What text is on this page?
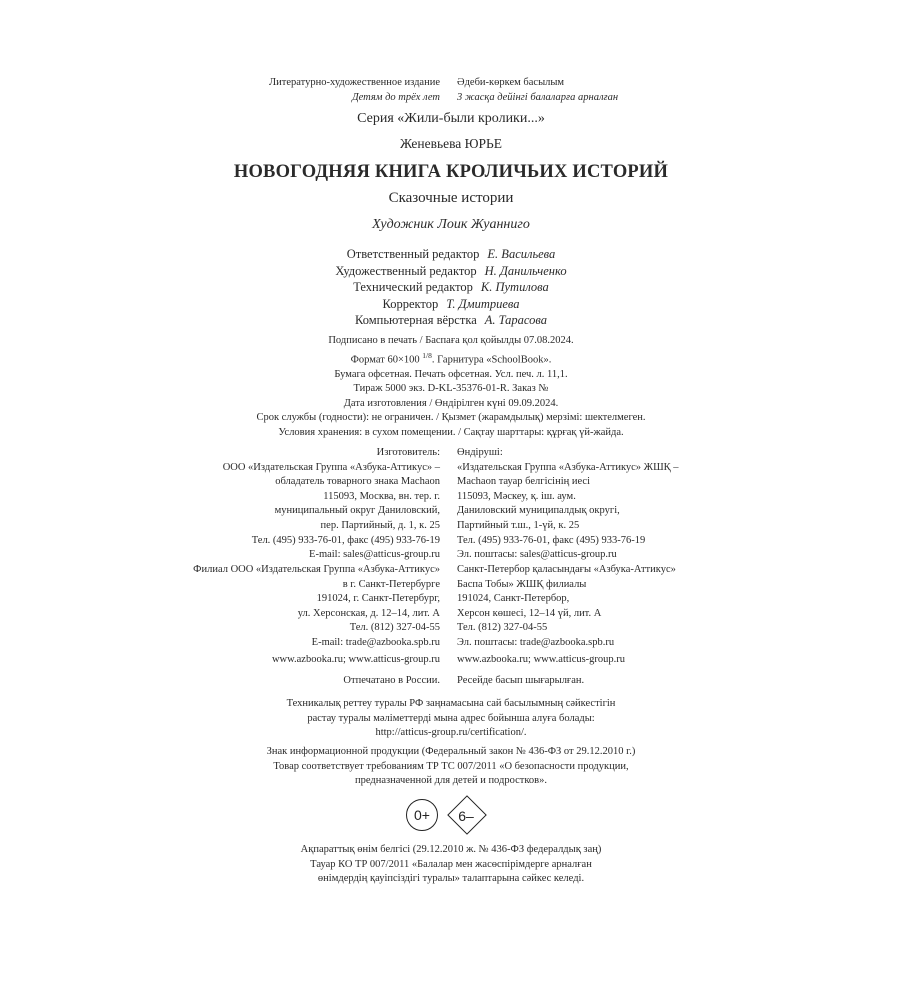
Литературно-художественное издание
Детям до трёх лет
Әдеби-көркем басылым
3 жасқа дейінгі балаларға арналған
Серия «Жили-были кролики...»
Женевьева ЮРЬЕ
НОВОГОДНЯЯ КНИГА КРОЛИЧЬИХ ИСТОРИЙ
Сказочные истории
Художник Лоик Жуанниго
Ответственный редактор Е. Васильева
Художественный редактор Н. Данильченко
Технический редактор К. Путилова
Корректор Т. Дмитриева
Компьютерная вёрстка А. Тарасова
Подписано в печать / Баспаға қол қойылды 07.08.2024.
Формат 60×100 $^{1/8}$. Гарнитура «SchoolBook».
Бумага офсетная. Печать офсетная. Усл. печ. л. 11,1.
Тираж 5000 экз. D-KL-35376-01-R. Заказ №
Дата изготовления / Өндірілген күні 09.09.2024.
Срок службы (годности): не ограничен. / Қызмет (жарамдылық) мерзімі: шектелмеген.
Условия хранения: в сухом помещении. / Сақтау шарттары: құрғақ үй-жайда.
Изготовитель:
ООО «Издательская Группа «Азбука-Аттикус» –
обладатель товарного знака Machaon
115093, Москва, вн. тер. г.
муниципальный округ Даниловский,
пер. Партийный, д. 1, к. 25
Тел. (495) 933-76-01, факс (495) 933-76-19
E-mail: sales@atticus-group.ru
Өндіруші:
«Издательская Группа «Азбука-Аттикус» ЖШҚ –
Machaon тауар белгісінің иесі
115093, Мәскеу, қ. іш. аум.
Даниловский муниципалдық округі,
Партийный т.ш., 1-үй, к. 25
Тел. (495) 933-76-01, факс (495) 933-76-19
Эл. поштасы: sales@atticus-group.ru
Филиал ООО «Издательская Группа «Азбука-Аттикус»
в г. Санкт-Петербурге
191024, г. Санкт-Петербург,
ул. Херсонская, д. 12–14, лит. А
Тел. (812) 327-04-55
E-mail: trade@azbooka.spb.ru
Санкт-Петербор қаласындағы «Азбука-Аттикус»
Баспа Тобы» ЖШҚ филиалы
191024, Санкт-Петербор,
Херсон көшесі, 12–14 үй, лит. А
Тел. (812) 327-04-55
Эл. поштасы: trade@azbooka.spb.ru
www.azbooka.ru; www.atticus-group.ru www.azbooka.ru; www.atticus-group.ru
Отпечатано в России. Ресейде басып шығарылған.
Техникалық реттеу туралы РФ заңнамасына сай басылымның сәйкестігін
растау туралы мәліметтерді мына адрес бойынша алуға болады:
http://atticus-group.ru/certification/.
Знак информационной продукции (Федеральный закон № 436-ФЗ от 29.12.2010 г.)
Товар соответствует требованиям ТР ТС 007/2011 «О безопасности продукции,
предназначенной для детей и подростков».
0+	6–
Ақпараттық өнім белгісі (29.12.2010 ж. № 436-ФЗ федералдық заң)
Тауар КО ТР 007/2011 «Балалар мен жасөспірімдерге арналған
өнімдердің қауіпсіздігі туралы» талаптарына сәйкес келеді.
